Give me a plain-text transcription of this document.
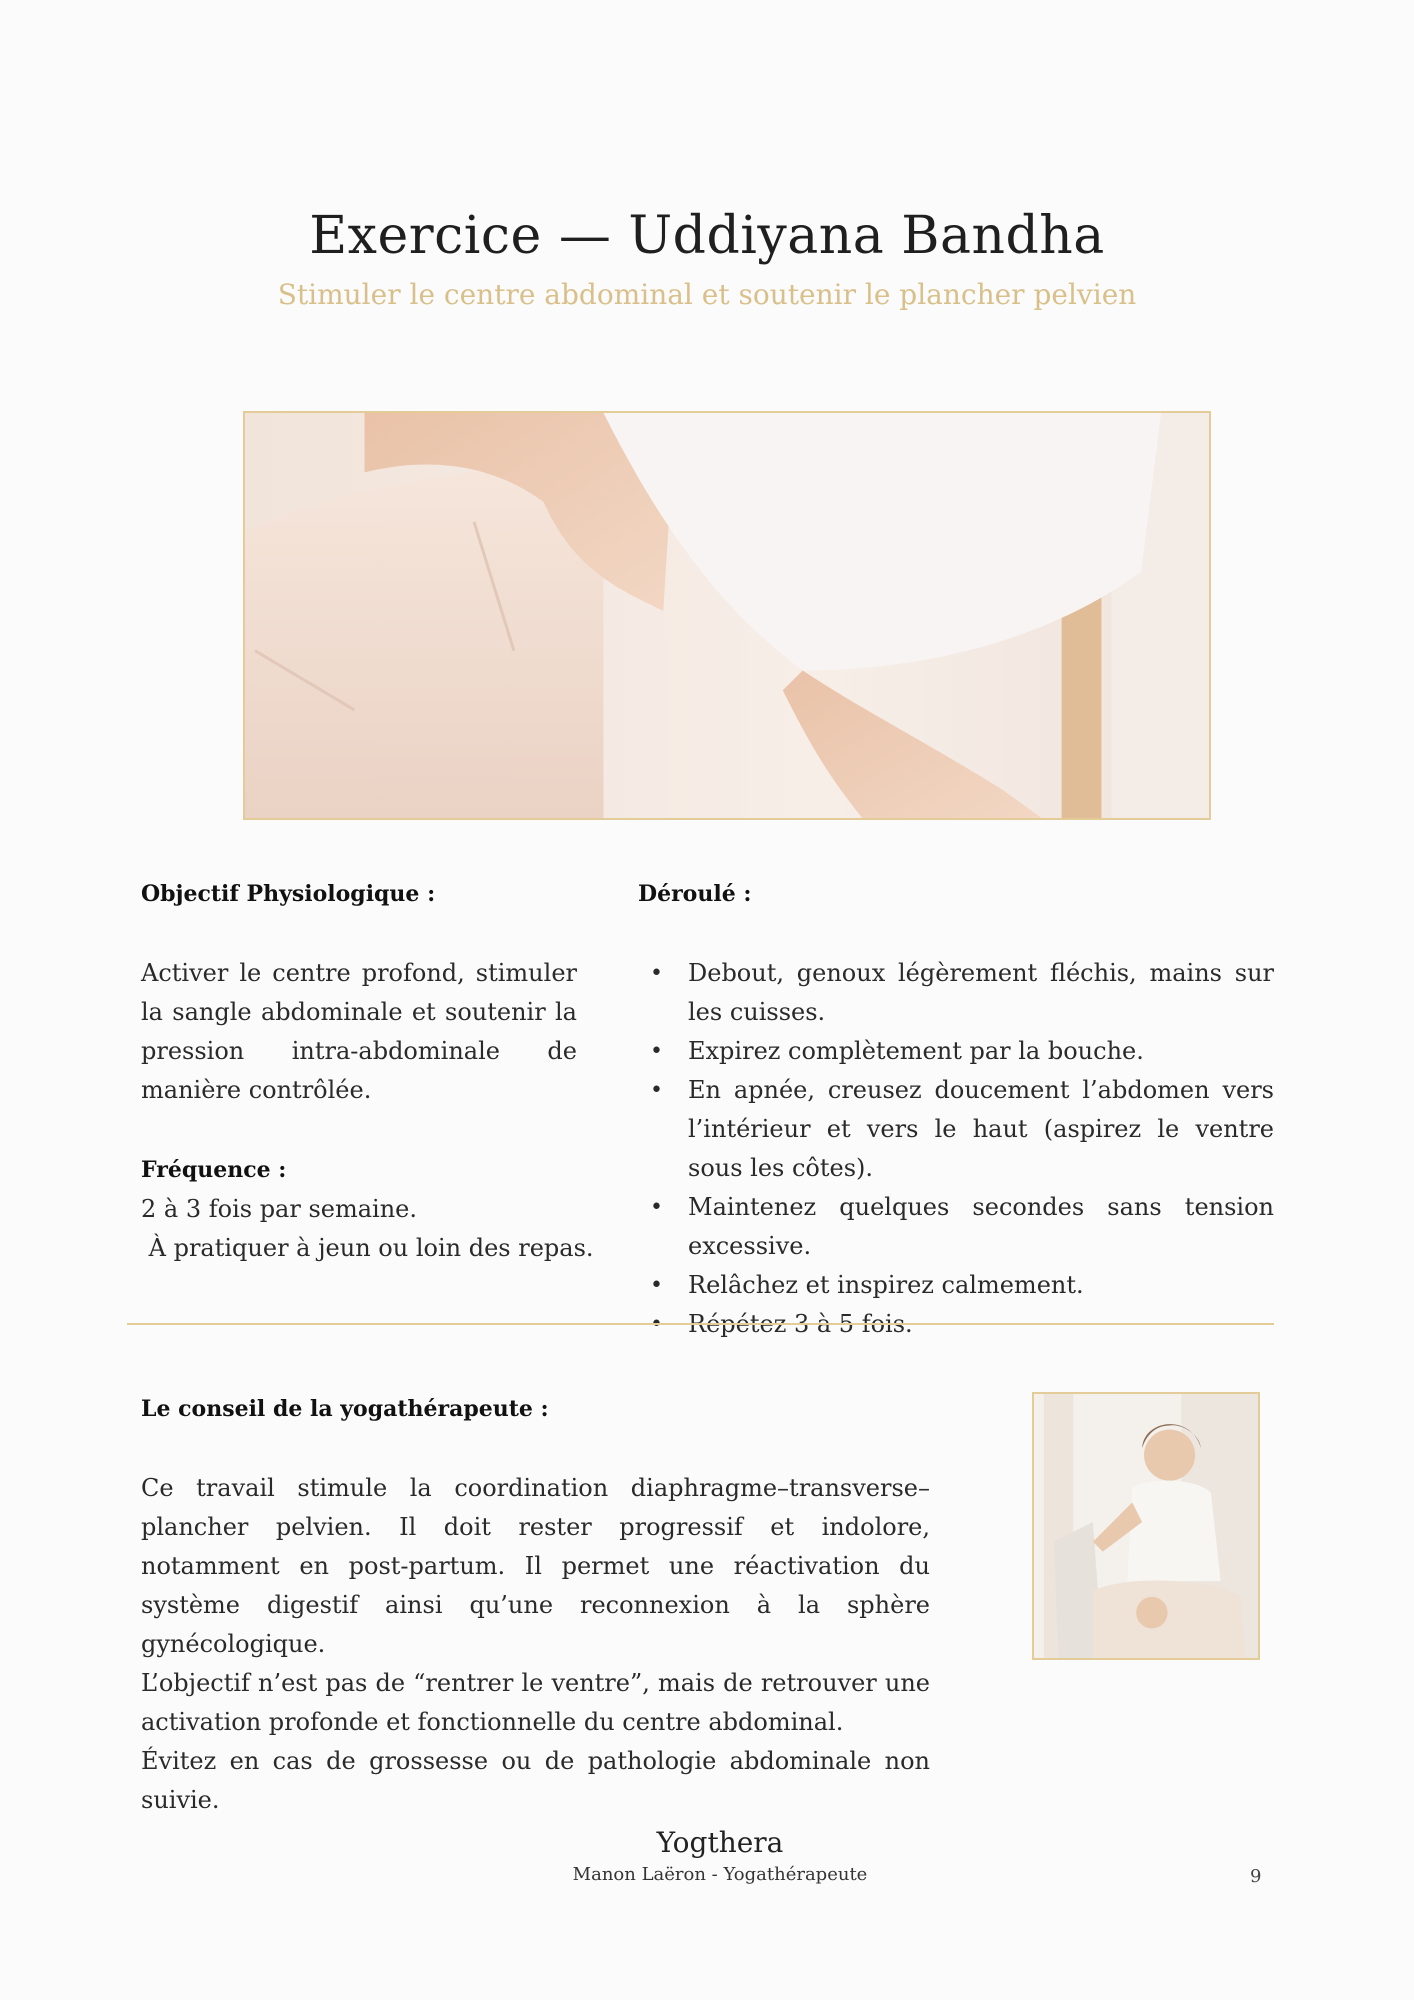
Exercice — Uddiyana Bandha
Stimuler le centre abdominal et soutenir le plancher pelvien

Objectif Physiologique :

Activer le centre profond, stimuler la sangle abdominale et soutenir la pression intra-abdominale de manière contrôlée.

Fréquence :

2 à 3 fois par semaine.

À pratiquer à jeun ou loin des repas.

Déroulé :

• Debout, genoux légèrement fléchis, mains sur les cuisses.
• Expirez complètement par la bouche.
• En apnée, creusez doucement l’abdomen vers l’intérieur et vers le haut (aspirez le ventre sous les côtes).
• Maintenez quelques secondes sans tension excessive.
• Relâchez et inspirez calmement.
• Répétez 3 à 5 fois.

Le conseil de la yogathérapeute :

Ce travail stimule la coordination diaphragme–transverse–plancher pelvien. Il doit rester progressif et indolore, notamment en post-partum. Il permet une réactivation du système digestif ainsi qu’une reconnexion à la sphère gynécologique.

L’objectif n’est pas de “rentrer le ventre”, mais de retrouver une activation profonde et fonctionnelle du centre abdominal.

Évitez en cas de grossesse ou de pathologie abdominale non suivie.

Yogthera
Manon Laëron - Yogathérapeute	9
